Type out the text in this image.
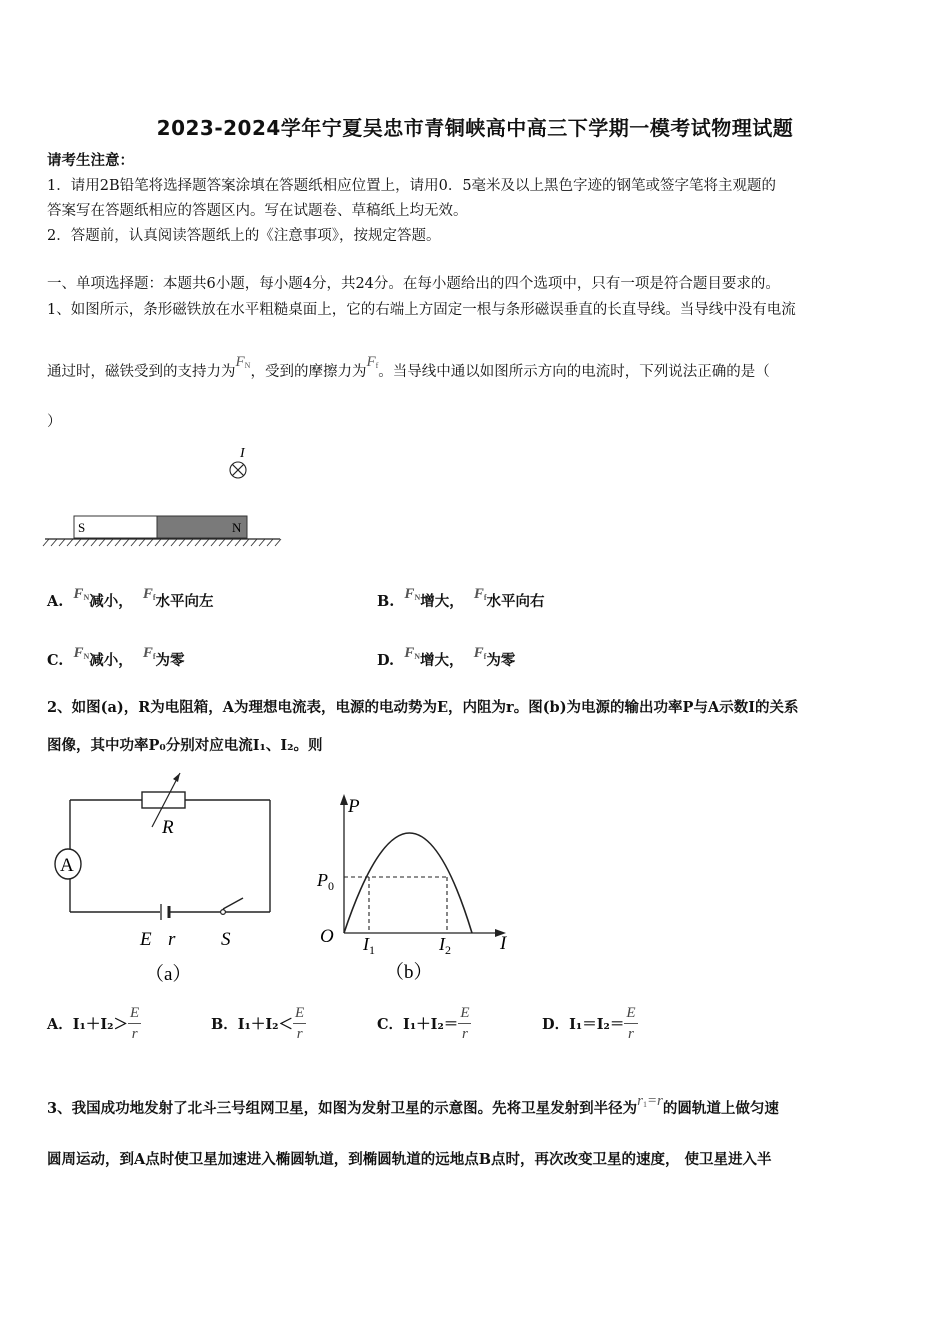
2023-2024学年宁夏吴忠市青铜峡高中高三下学期一模考试物理试题
请考生注意：
1．请用2B铅笔将选择题答案涂填在答题纸相应位置上，请用0．5毫米及以上黑色字迹的钢笔或签字笔将主观题的
答案写在答题纸相应的答题区内。写在试题卷、草稿纸上均无效。
2．答题前，认真阅读答题纸上的《注意事项》，按规定答题。
一、单项选择题：本题共6小题，每小题4分，共24分。在每小题给出的四个选项中，只有一项是符合题目要求的。
1、如图所示，条形磁铁放在水平粗糙桌面上，它的右端上方固定一根与条形磁误垂直的长直导线。当导线中没有电流
通过时，磁铁受到的支持力为$F_N$，受到的摩擦力为$F_f$。当导线中通以如图所示方向的电流时，下列说法正确的是（
）
I
S	N
A. $F_N$减小， $F_f$水平向左	B. $F_N$增大， $F_f$水平向右
C. $F_N$减小， $F_f$为零	D. $F_N$增大， $F_f$为零
2、如图(a)，R为电阻箱，A为理想电流表，电源的电动势为E，内阻为r。图(b)为电源的输出功率P与A示数I的关系
图像，其中功率P₀分别对应电流I₁、I₂。则
A
R
E r S
（a）
P
$P_0$
O $I_1$	$I_2$	I
（b）
A．$I_1+I_2> \frac{E}{r}$	B．$I_1+I_2< \frac{E}{r}$	C．$I_1+I_2= \frac{E}{r}$	D．$I_1=I_2= \frac{E}{r}$
3、我国成功地发射了北斗三号组网卫星，如图为发射卫星的示意图。先将卫星发射到半径为$r_1=r$的圆轨道上做匀速
圆周运动，到A点时使卫星加速进入椭圆轨道，到椭圆轨道的远地点B点时，再次改变卫星的速度， 使卫星进入半
